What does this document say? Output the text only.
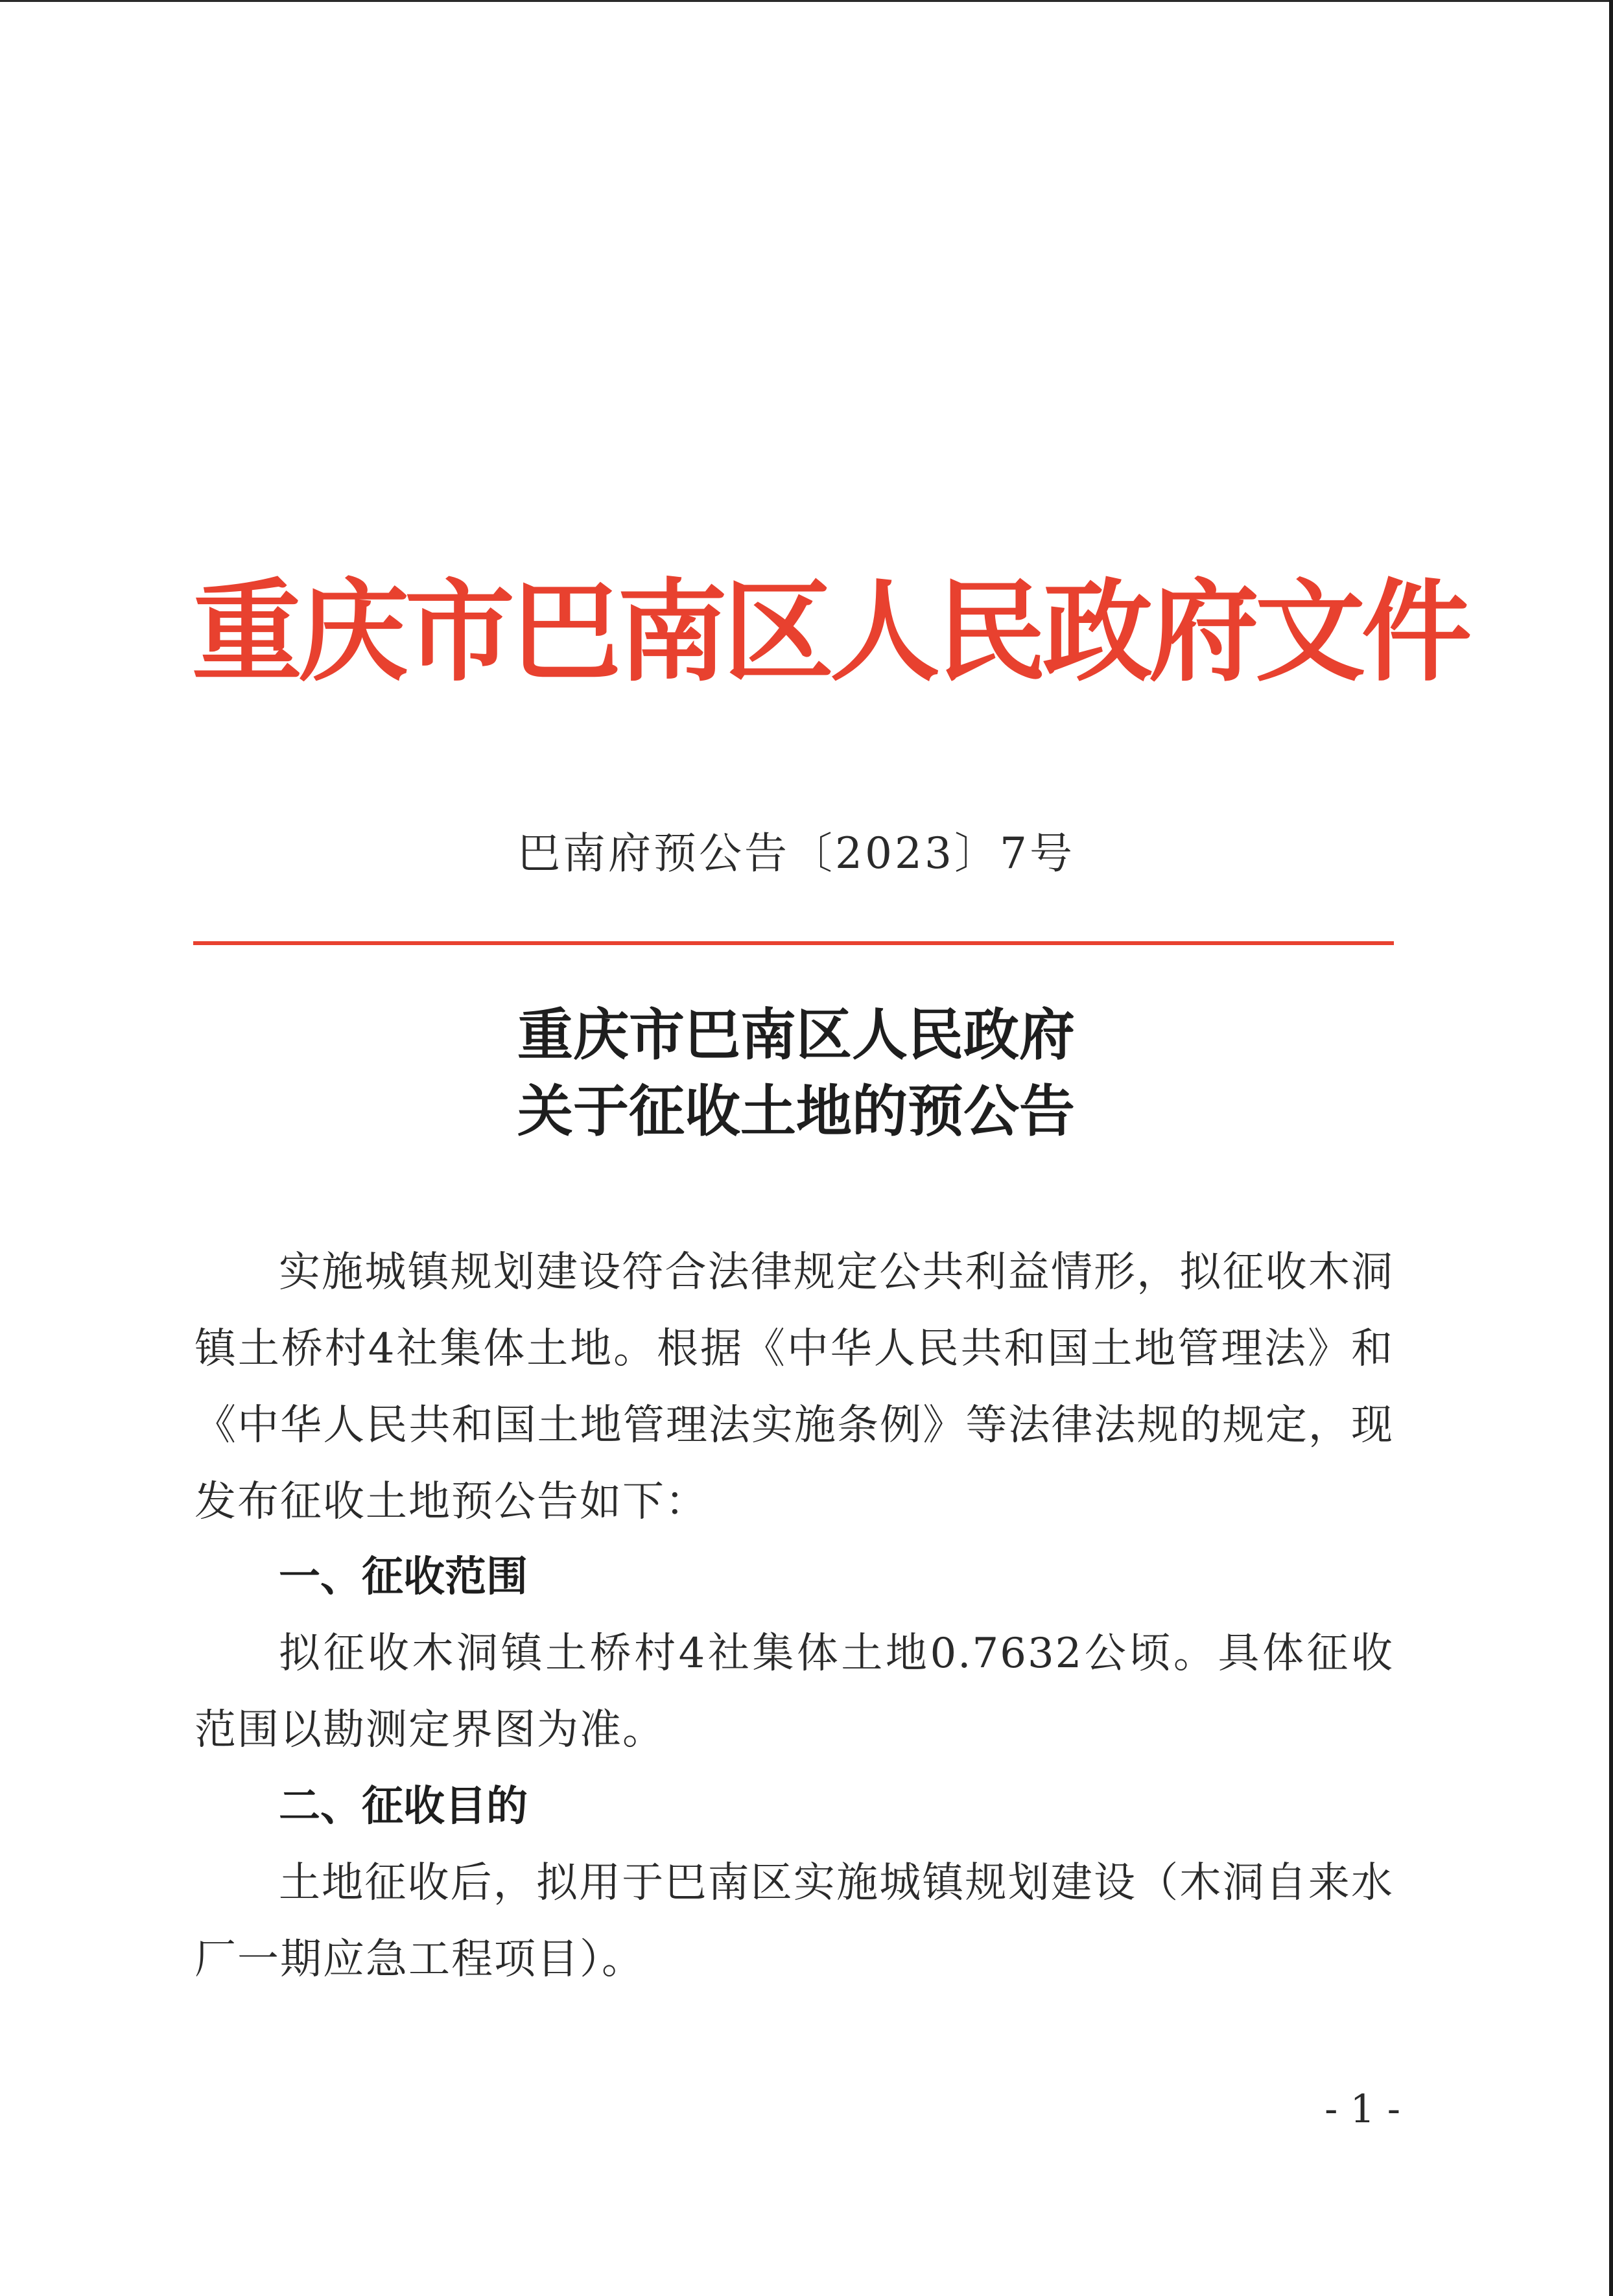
重庆市巴南区人民政府文件
巴南府预公告〔2023〕7号
重庆市巴南区人民政府
关于征收土地的预公告
实施城镇规划建设符合法律规定公共利益情形，拟征收木洞镇土桥村4社集体土地。根据《中华人民共和国土地管理法》和《中华人民共和国土地管理法实施条例》等法律法规的规定，现发布征收土地预公告如下：
一、征收范围
拟征收木洞镇土桥村4社集体土地0.7632公顷。具体征收范围以勘测定界图为准。
二、征收目的
土地征收后，拟用于巴南区实施城镇规划建设（木洞自来水厂一期应急工程项目）。
- 1 -
